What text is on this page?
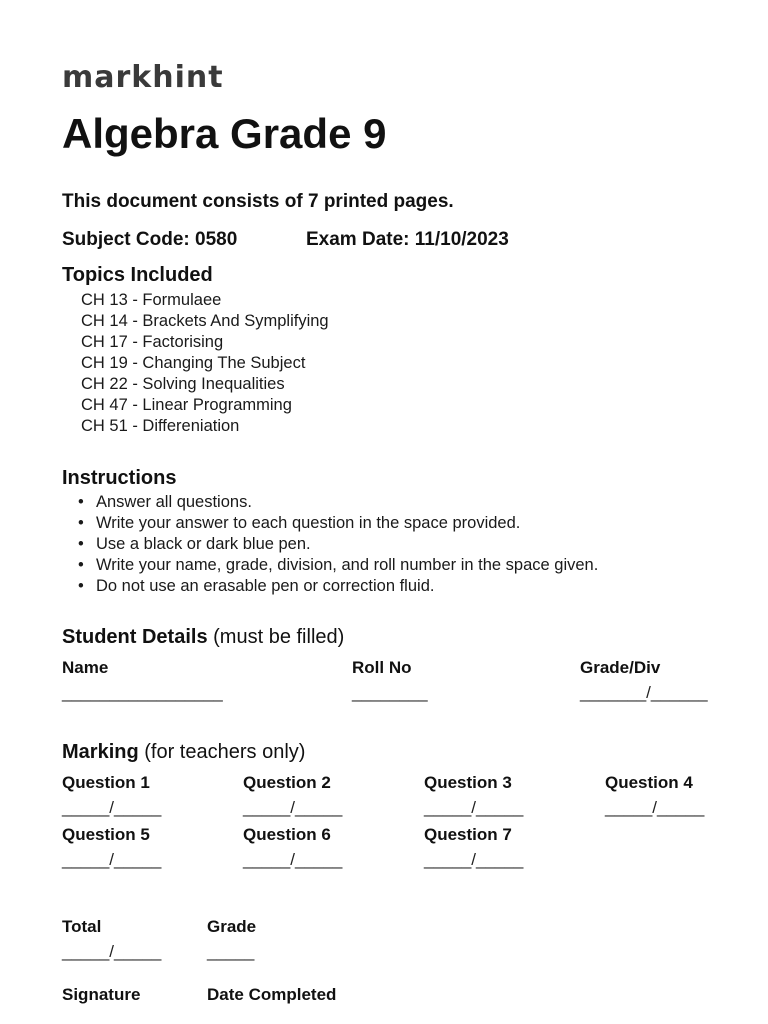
markhint
Algebra Grade 9
This document consists of 7 printed pages.
Subject Code: 0580	Exam Date: 11/10/2023
Topics Included
CH 13 - Formulaee
CH 14 - Brackets And Symplifying
CH 17 - Factorising
CH 19 - Changing The Subject
CH 22 - Solving Inequalities
CH 47 - Linear Programming
CH 51 - Differeniation
Instructions
• Answer all questions.
• Write your answer to each question in the space provided.
• Use a black or dark blue pen.
• Write your name, grade, division, and roll number in the space given.
• Do not use an erasable pen or correction fluid.
Student Details (must be filled)
Name
_________________
Roll No
________
Grade/Div
_______/______
Marking (for teachers only)
Question 1
_____/_____
Question 2
_____/_____
Question 3
_____/_____
Question 4
_____/_____
Question 5
_____/_____
Question 6
_____/_____
Question 7
_____/_____
Total
_____/_____
Grade
_____
Signature	Date Completed
